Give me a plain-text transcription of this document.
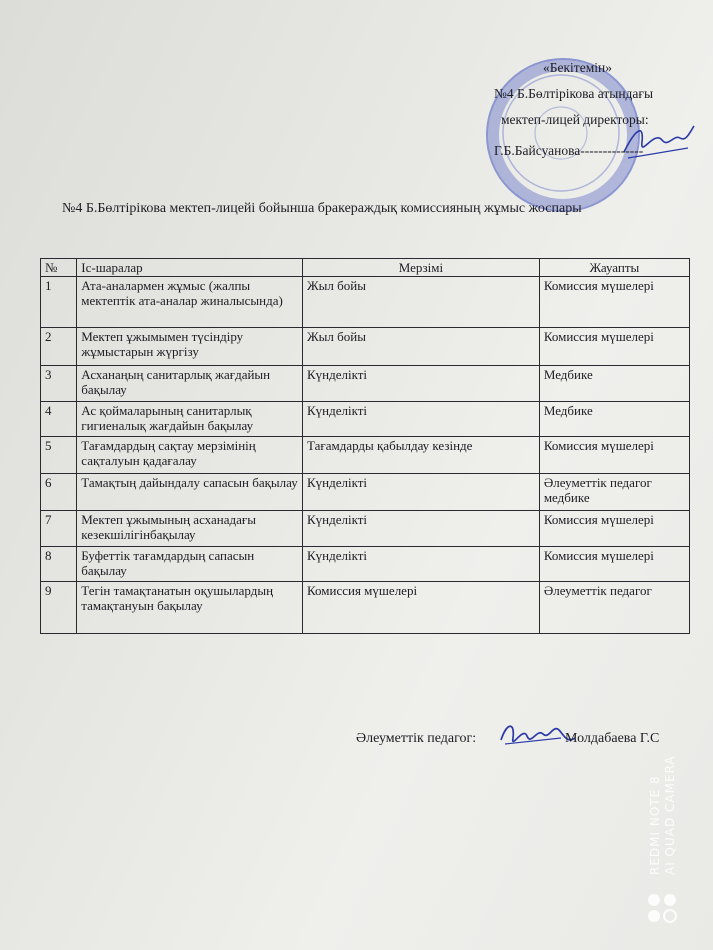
«Бекітемін»
№4 Б.Бөлтірікова атындағы
мектеп-лицей директоры:
Г.Б.Байсуанова--------------
№4 Б.Бөлтірікова мектеп-лицейі бойынша бракераждық комиссияның жұмыс жоспары
№	Іс-шаралар	Мерзімі	Жауапты
1	Ата-аналармен жұмыс (жалпы мектептік ата-аналар жиналысында)	Жыл бойы	Комиссия мүшелері
2	Мектеп ұжымымен түсіндіру жұмыстарын жүргізу	Жыл бойы	Комиссия мүшелері
3	Асханаңың санитарлық жағдайын бақылау	Күнделікті	Медбике
4	Ас қоймаларының санитарлық гигиеналық жағдайын бақылау	Күнделікті	Медбике
5	Тағамдардың сақтау мерзімінің сақталуын қадағалау	Тағамдарды қабылдау кезінде	Комиссия мүшелері
6	Тамақтың дайындалу сапасын бақылау	Күнделікті	Әлеуметтік педагог медбике
7	Мектеп ұжымының асханадағы кезекшілігінбақылау	Күнделікті	Комиссия мүшелері
8	Буфеттік тағамдардың сапасын бақылау	Күнделікті	Комиссия мүшелері
9	Тегін тамақтанатын оқушылардың тамақтануын бақылау	Комиссия мүшелері	Әлеуметтік педагог
Әлеуметтік педагог:	Молдабаева Г.С
REDMI NOTE 8 AI QUAD CAMERA
